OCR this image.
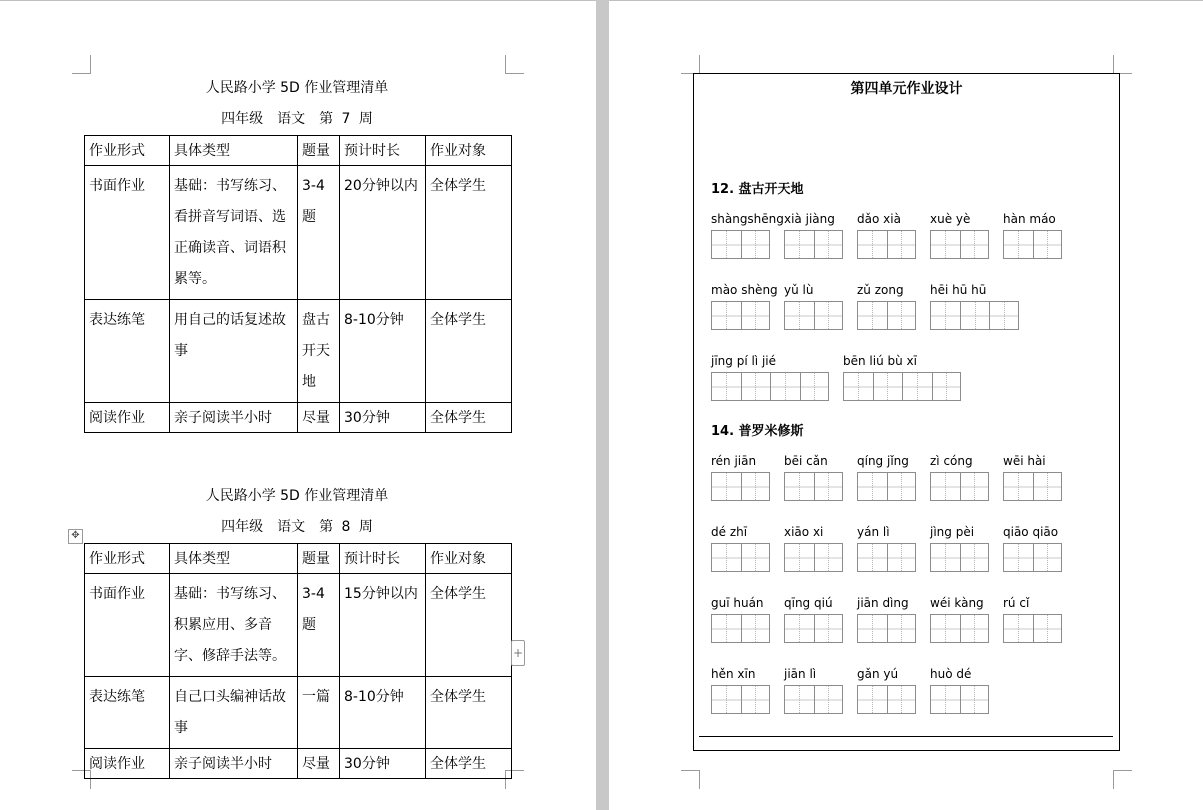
人民路小学 5D 作业管理清单
四年级　语文　第 7 周
作业形式	具体类型	题量	预计时长	作业对象
书面作业	基础：书写练习、看拼音写词语、选正确读音、词语积累等。	3-4题	20分钟以内	全体学生
表达练笔	用自己的话复述故事	盘古开天地	8-10分钟	全体学生
阅读作业	亲子阅读半小时	尽量	30分钟	全体学生
人民路小学 5D 作业管理清单
四年级　语文　第 8 周
✥
作业形式	具体类型	题量	预计时长	作业对象
书面作业	基础：书写练习、积累应用、多音字、修辞手法等。	3-4题	15分钟以内	全体学生
表达练笔	自己口头编神话故事	一篇	8-10分钟	全体学生
阅读作业	亲子阅读半小时	尽量	30分钟	全体学生
+
第四单元作业设计
12. 盘古开天地
shàngshēng xià jiàng dǎo xià xuè yè	hàn máo
mào shèng yǔ lù	zǔ zong hēi hū hū
jīng pí lì jié	bēn liú bù xī
14. 普罗米修斯
rén jiān bēi cǎn qíng jǐng zì cóng	wēi hài
dé zhī	xiāo xi	yán lì	jìng pèi qiāo qiāo
guī huán qīng qiú jiān dìng wéi kàng rú cǐ
hěn xīn jiān lì	gǎn yú	huò dé
